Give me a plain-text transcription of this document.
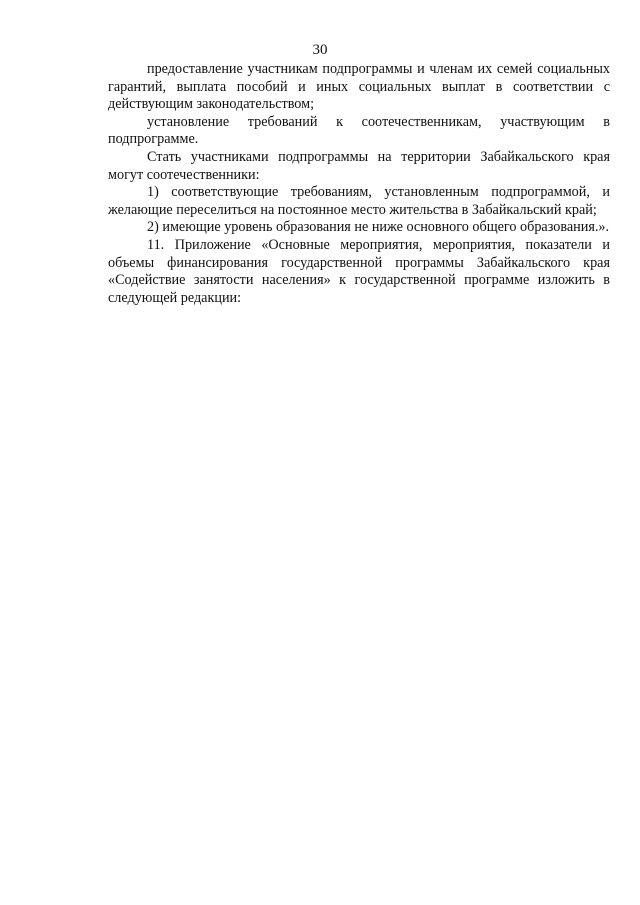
30

предоставление участникам подпрограммы и членам их семей социальных гарантий, выплата пособий и иных социальных выплат в соответствии с действующим законодательством;

установление требований к соотечественникам, участвующим в подпрограмме.

Стать участниками подпрограммы на территории Забайкальского края могут соотечественники:

1) соответствующие требованиям, установленным подпрограммой, и желающие переселиться на постоянное место жительства в Забайкальский край;

2) имеющие уровень образования не ниже основного общего образования.».

11. Приложение «Основные мероприятия, мероприятия, показатели и объемы финансирования государственной программы Забайкальского края «Содействие занятости населения» к государственной программе изложить в следующей редакции:
